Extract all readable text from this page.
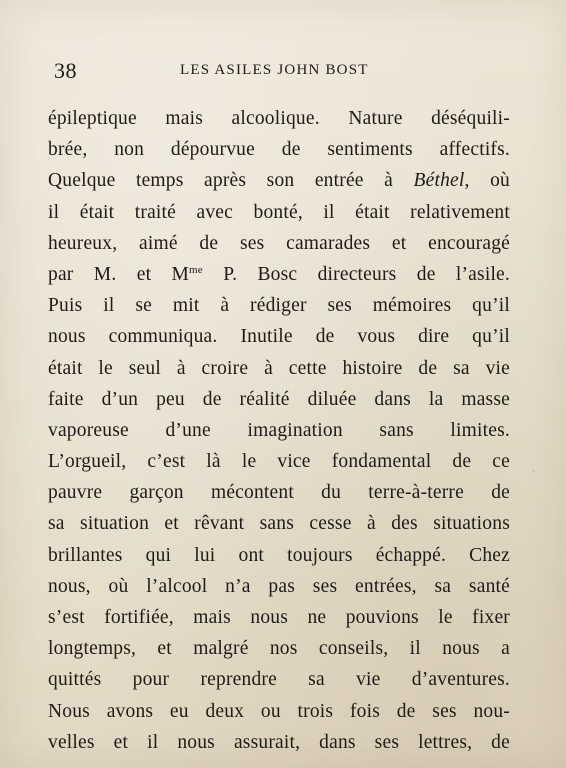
38	LES ASILES JOHN BOST
épileptique mais alcoolique. Nature déséquili-
brée, non dépourvue de sentiments affectifs.
Quelque temps après son entrée à Béthel, où
il était traité avec bonté, il était relativement
heureux, aimé de ses camarades et encouragé
par M. et $M^{me}$ P. Bosc directeurs de l’asile.
Puis il se mit à rédiger ses mémoires qu’il
nous communiqua. Inutile de vous dire qu’il
était le seul à croire à cette histoire de sa vie
faite d’un peu de réalité diluée dans la masse
vaporeuse d’une imagination sans limites.
L’orgueil, c’est là le vice fondamental de ce
pauvre garçon mécontent du terre-à-terre de
sa situation et rêvant sans cesse à des situations
brillantes qui lui ont toujours échappé. Chez
nous, où l’alcool n’a pas ses entrées, sa santé
s’est fortifiée, mais nous ne pouvions le fixer
longtemps, et malgré nos conseils, il nous a
quittés pour reprendre sa vie d’aventures.
Nous avons eu deux ou trois fois de ses nou-
velles et il nous assurait, dans ses lettres, de
